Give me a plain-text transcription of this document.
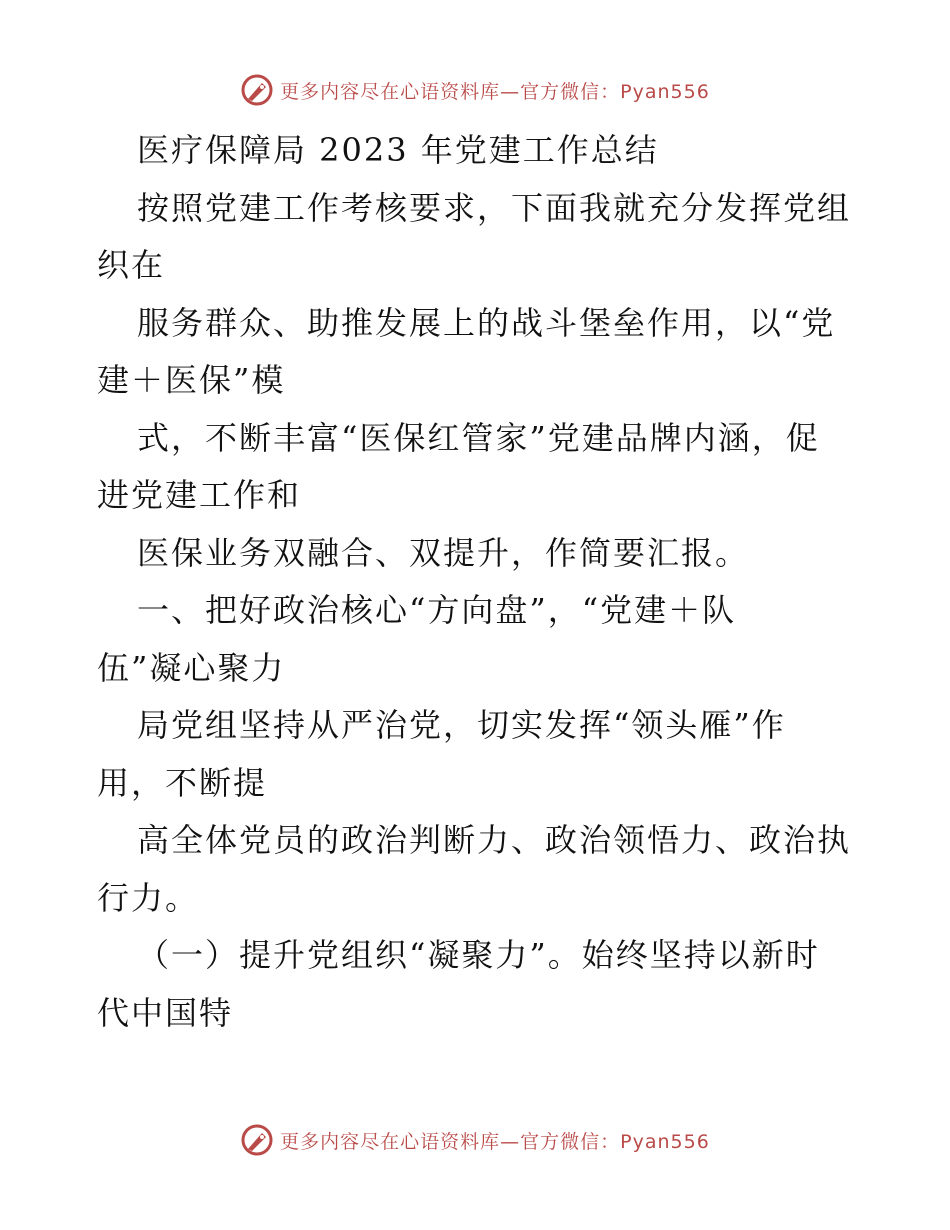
更多内容尽在心语资料库—官方微信：Pyan556
医疗保障局 2023 年党建工作总结
按照党建工作考核要求，下面我就充分发挥党组
织在
服务群众、助推发展上的战斗堡垒作用，以“党
建＋医保”模
式，不断丰富“医保红管家”党建品牌内涵，促
进党建工作和
医保业务双融合、双提升，作简要汇报。
一、把好政治核心“方向盘”，“党建＋队
伍”凝心聚力
局党组坚持从严治党，切实发挥“领头雁”作
用，不断提
高全体党员的政治判断力、政治领悟力、政治执
行力。
（一）提升党组织“凝聚力”。始终坚持以新时
代中国特
更多内容尽在心语资料库—官方微信：Pyan556
